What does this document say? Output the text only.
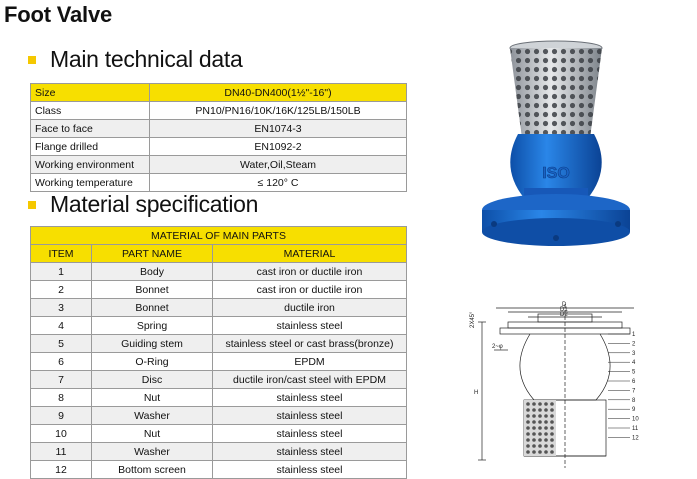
Foot Valve
Main technical data
Size	DN40-DN400(1½"-16")
Class	PN10/PN16/10K/16K/125LB/150LB
Face to face	EN1074-3
Flange drilled	EN1092-2
Working environment	Water,Oil,Steam
Working temperature	≤ 120° C
Material specification
MATERIAL OF MAIN PARTS		
ITEM	PART NAME	MATERIAL
1	Body	cast iron or ductile iron
2	Bonnet	cast iron or ductile iron
3	Bonnet	ductile iron
4	Spring	stainless steel
5	Guiding stem	stainless steel or cast brass(bronze)
6	O-Ring	EPDM
7	Disc	ductile iron/cast steel with EPDM
8	Nut	stainless steel
9	Washer	stainless steel
10	Nut	stainless steel
11	Washer	stainless steel
12	Bottom screen	stainless steel
ISO
2X45°
D
D1
D2
2~φ
H
1
2
3
4
5
6
7
8
9
10
11
12
